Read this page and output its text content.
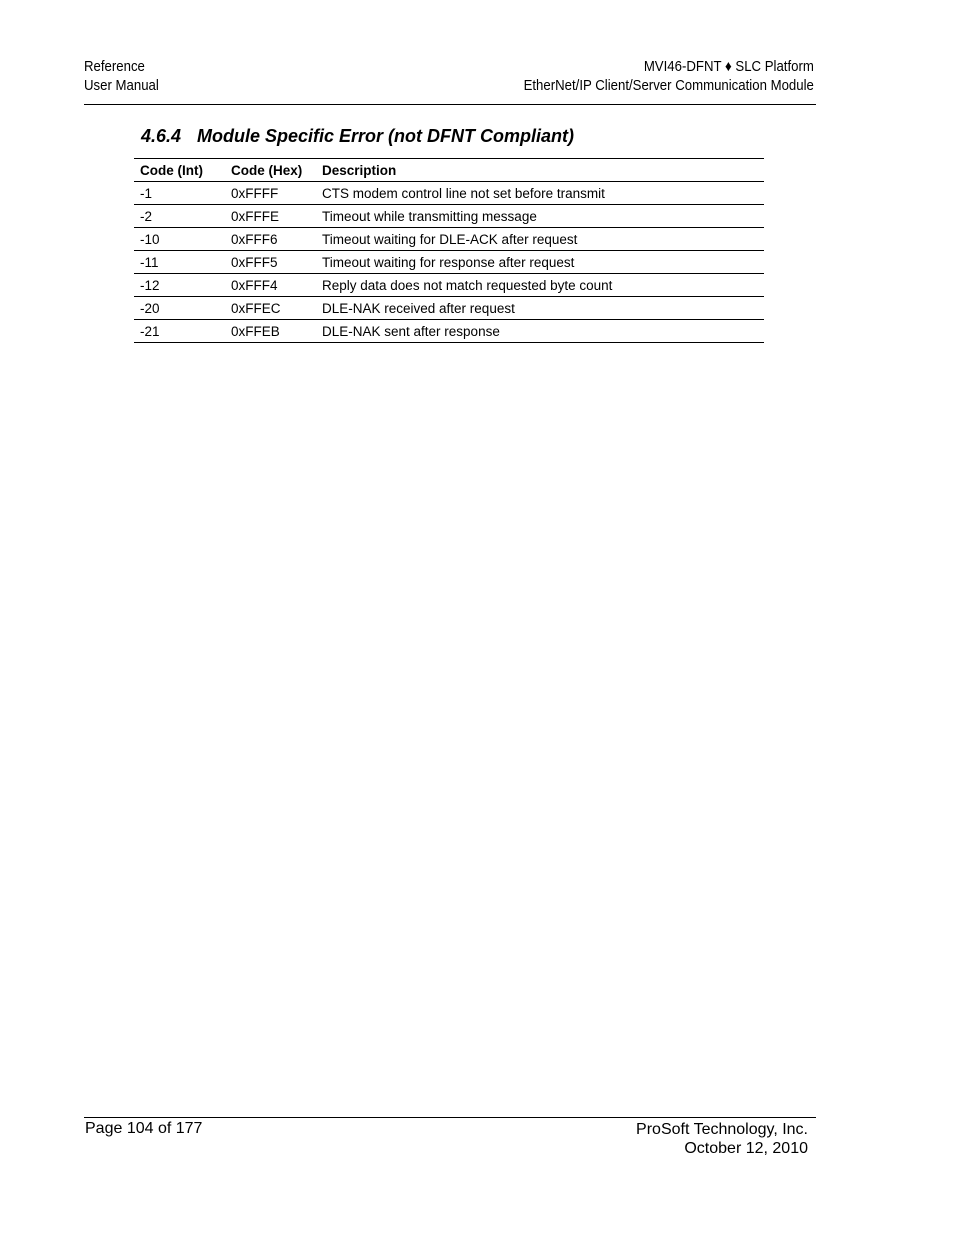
Reference
User Manual
MVI46-DFNT ♦ SLC Platform
EtherNet/IP Client/Server Communication Module
4.6.4 Module Specific Error (not DFNT Compliant)
Code (Int)	Code (Hex)	Description
-1	0xFFFF	CTS modem control line not set before transmit
-2	0xFFFE	Timeout while transmitting message
-10	0xFFF6	Timeout waiting for DLE-ACK after request
-11	0xFFF5	Timeout waiting for response after request
-12	0xFFF4	Reply data does not match requested byte count
-20	0xFFEC	DLE-NAK received after request
-21	0xFFEB	DLE-NAK sent after response
Page 104 of 177	ProSoft Technology, Inc.
October 12, 2010
